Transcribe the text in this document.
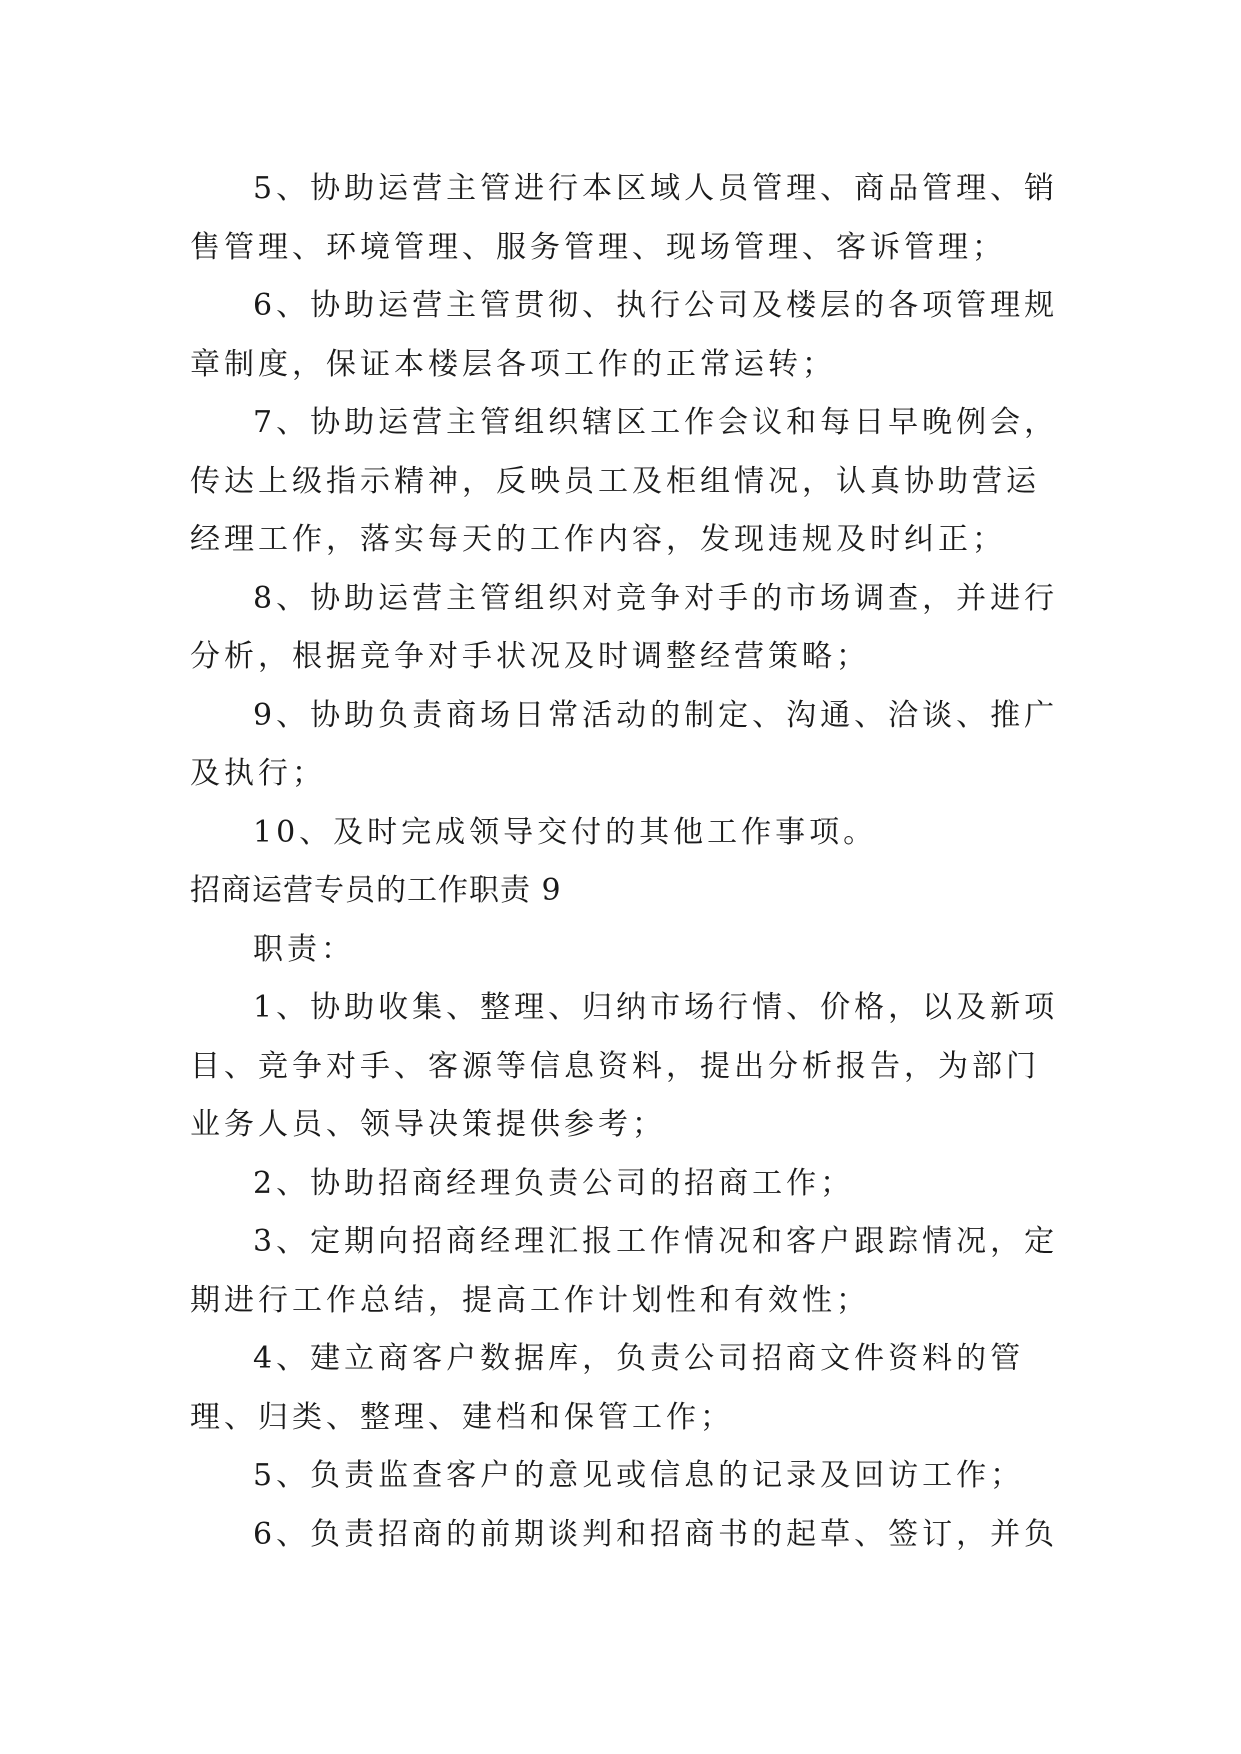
5、协助运营主管进行本区域人员管理、商品管理、销售管理、环境管理、服务管理、现场管理、客诉管理；

6、协助运营主管贯彻、执行公司及楼层的各项管理规章制度，保证本楼层各项工作的正常运转；

7、协助运营主管组织辖区工作会议和每日早晚例会，传达上级指示精神，反映员工及柜组情况，认真协助营运经理工作，落实每天的工作内容，发现违规及时纠正；

8、协助运营主管组织对竞争对手的市场调查，并进行分析，根据竞争对手状况及时调整经营策略；

9、协助负责商场日常活动的制定、沟通、洽谈、推广及执行；

10、及时完成领导交付的其他工作事项。

招商运营专员的工作职责 9

职责：

1、协助收集、整理、归纳市场行情、价格，以及新项目、竞争对手、客源等信息资料，提出分析报告，为部门业务人员、领导决策提供参考；

2、协助招商经理负责公司的招商工作；

3、定期向招商经理汇报工作情况和客户跟踪情况，定期进行工作总结，提高工作计划性和有效性；

4、建立商客户数据库，负责公司招商文件资料的管理、归类、整理、建档和保管工作；

5、负责监查客户的意见或信息的记录及回访工作；

6、负责招商的前期谈判和招商书的起草、签订，并负
